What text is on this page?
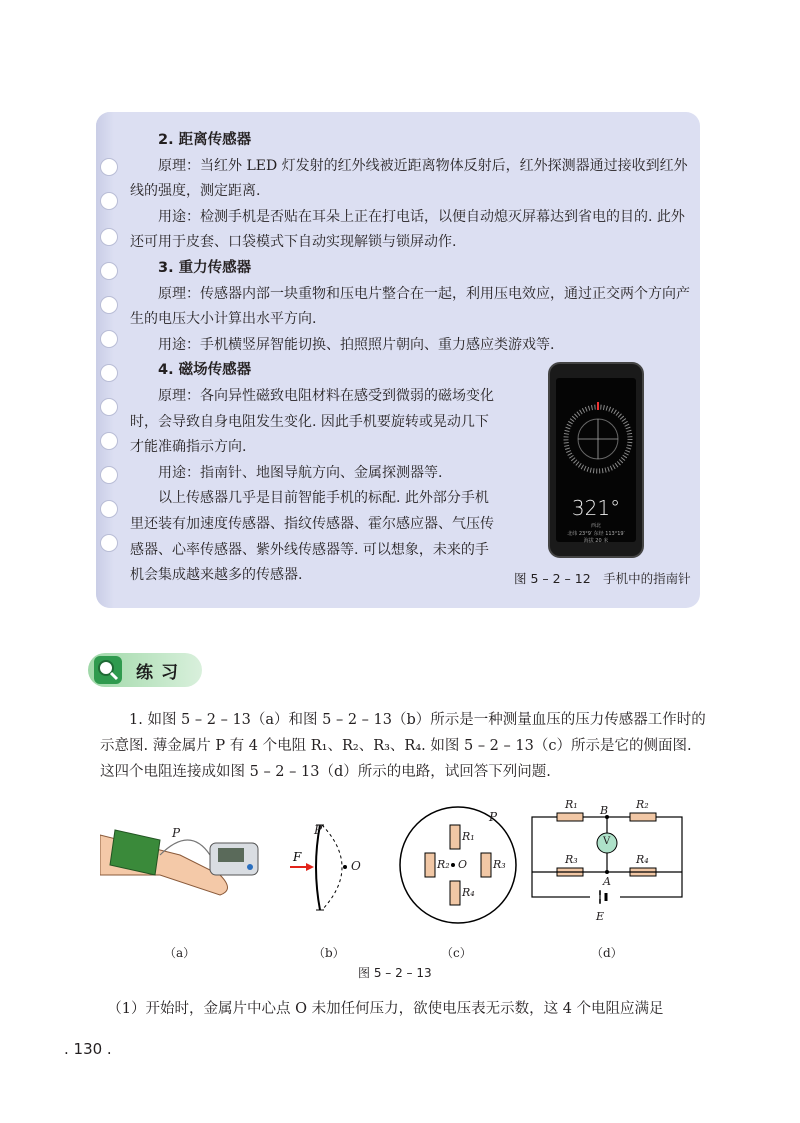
2. 距离传感器

原理：当红外 LED 灯发射的红外线被近距离物体反射后，红外探测器通过接收到红外线的强度，测定距离.

用途：检测手机是否贴在耳朵上正在打电话，以便自动熄灭屏幕达到省电的目的. 此外还可用于皮套、口袋模式下自动实现解锁与锁屏动作.

3. 重力传感器

原理：传感器内部一块重物和压电片整合在一起，利用压电效应，通过正交两个方向产生的电压大小计算出水平方向.

用途：手机横竖屏智能切换、拍照照片朝向、重力感应类游戏等.

4. 磁场传感器

原理：各向异性磁致电阻材料在感受到微弱的磁场变化时，会导致自身电阻发生变化. 因此手机要旋转或晃动几下才能准确指示方向.

用途：指南针、地图导航方向、金属探测器等.

以上传感器几乎是目前智能手机的标配. 此外部分手机里还装有加速度传感器、指纹传感器、霍尔感应器、气压传感器、心率传感器、紫外线传感器等. 可以想象，未来的手机会集成越来越多的传感器.

321°
西北
北纬 23°9′ 东经 113°19′
海拔 20 米
图 5 – 2 – 12　手机中的指南针
练习

1. 如图 5 – 2 – 13（a）和图 5 – 2 – 13（b）所示是一种测量血压的压力传感器工作时的示意图. 薄金属片 P 有 4 个电阻 R₁、R₂、R₃、R₄. 如图 5 – 2 – 13（c）所示是它的侧面图. 这四个电阻连接成如图 5 – 2 – 13（d）所示的电路，试回答下列问题.

P	P
F
O
P
R₁
R₄
R₂	R₃
O
R₁	R₂
R₃	R₄
B
A
V
E
（a）	（b）	（c）	（d）
图 5 – 2 – 13

（1）开始时，金属片中心点 O 未加任何压力，欲使电压表无示数，这 4 个电阻应满足

. 130 .
